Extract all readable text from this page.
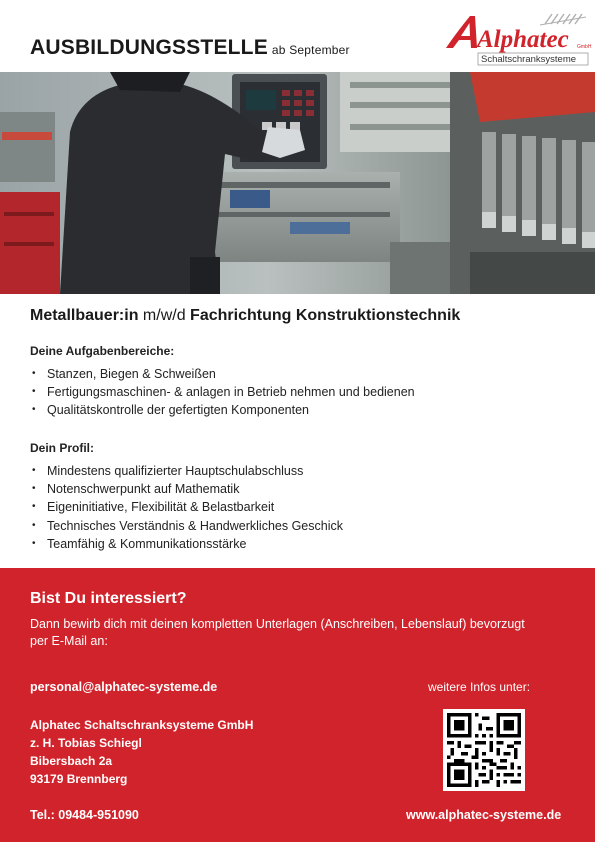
AUSBILDUNGSSTELLE ab September	Alphatec GmbH
Schaltschranksysteme
Metallbauer:in m/w/d Fachrichtung Konstruktionstechnik
Deine Aufgabenbereiche:
• Stanzen, Biegen & Schweißen
• Fertigungsmaschinen- & anlagen in Betrieb nehmen und bedienen
• Qualitätskontrolle der gefertigten Komponenten
Dein Profil:
• Mindestens qualifizierter Hauptschulabschluss
• Notenschwerpunkt auf Mathematik
• Eigeninitiative, Flexibilität & Belastbarkeit
• Technisches Verständnis & Handwerkliches Geschick
• Teamfähig & Kommunikationsstärke
Bist Du interessiert?
Dann bewirb dich mit deinen kompletten Unterlagen (Anschreiben, Lebenslauf) bevorzugt per E-Mail an:
personal@alphatec-systeme.de
Alphatec Schaltschranksysteme GmbH
z. H. Tobias Schiegl
Bibersbach 2a
93179 Brennberg
Tel.: 09484-951090
weitere Infos unter:
www.alphatec-systeme.de
